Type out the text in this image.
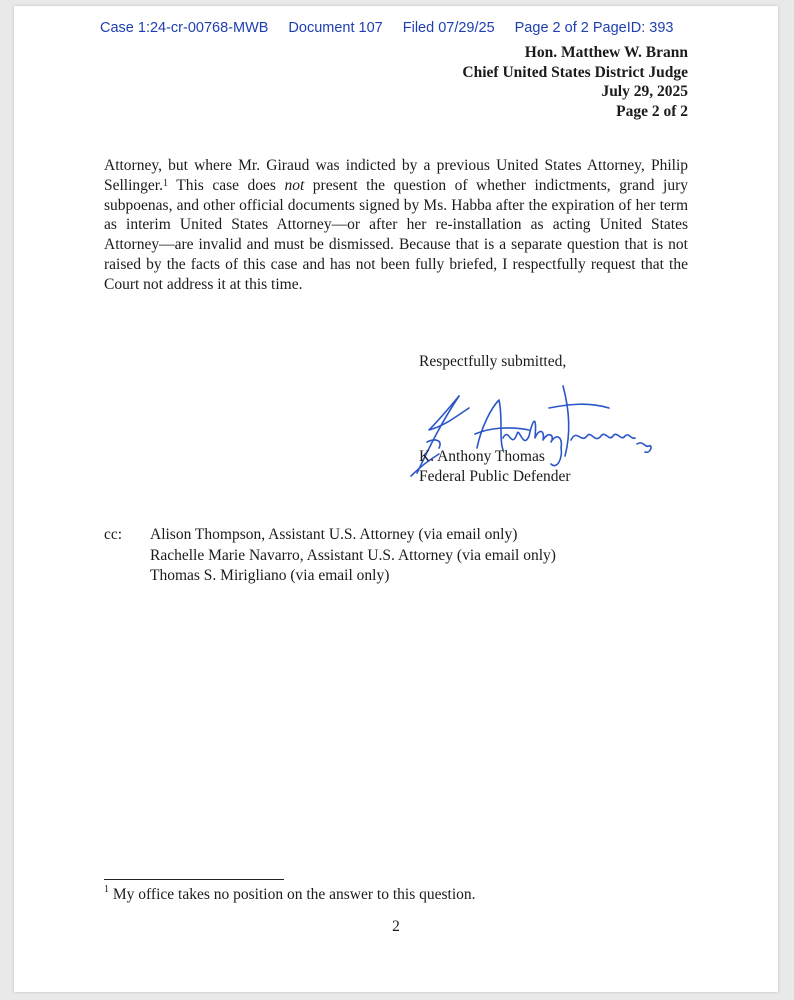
Case 1:24-cr-00768-MWB Document 107 Filed 07/29/25 Page 2 of 2 PageID: 393
Hon. Matthew W. Brann
Chief United States District Judge
July 29, 2025
Page 2 of 2
Attorney, but where Mr. Giraud was indicted by a previous United States Attorney, Philip Sellinger.$^1$ This case does not present the question of whether indictments, grand jury subpoenas, and other official documents signed by Ms. Habba after the expiration of her term as interim United States Attorney—or after her re-installation as acting United States Attorney—are invalid and must be dismissed. Because that is a separate question that is not raised by the facts of this case and has not been fully briefed, I respectfully request that the Court not address it at this time.
Respectfully submitted,
K. Anthony Thomas
Federal Public Defender
cc:	Alison Thompson, Assistant U.S. Attorney (via email only)
Rachelle Marie Navarro, Assistant U.S. Attorney (via email only)
Thomas S. Mirigliano (via email only)
$^1$ My office takes no position on the answer to this question.
2
